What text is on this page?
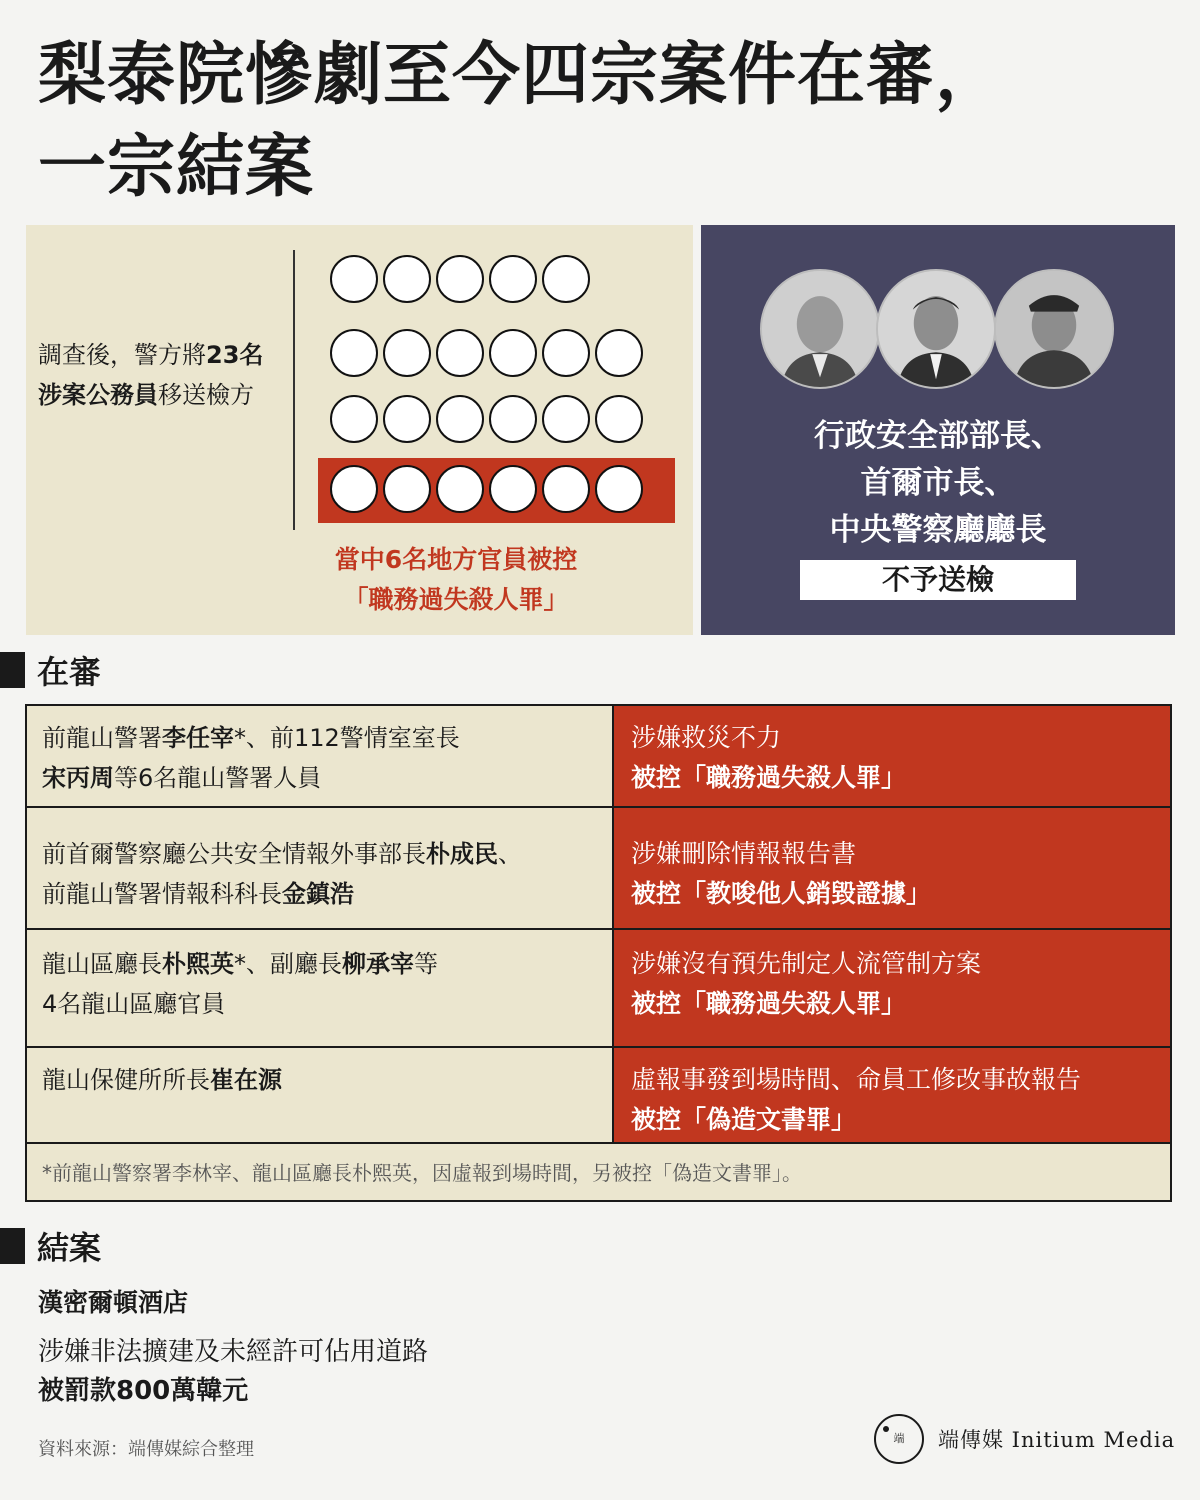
梨泰院慘劇至今四宗案件在審，
一宗結案
調查後，警方將23名涉案公務員移送檢方
當中6名地方官員被控
「職務過失殺人罪」
行政安全部部長、
首爾市長、
中央警察廳廳長
不予送檢
在審
前龍山警署李任宰*、前112警情室室長
宋丙周等6名龍山警署人員
涉嫌救災不力
被控「職務過失殺人罪」
前首爾警察廳公共安全情報外事部長朴成民、
前龍山警署情報科科長金鎮浩
涉嫌刪除情報報告書
被控「教唆他人銷毀證據」
龍山區廳長朴熙英*、副廳長柳承宰等
4名龍山區廳官員
涉嫌沒有預先制定人流管制方案
被控「職務過失殺人罪」
龍山保健所所長崔在源	虛報事發到場時間、命員工修改事故報告
被控「偽造文書罪」
*前龍山警察署李林宰、龍山區廳長朴熙英，因虛報到場時間，另被控「偽造文書罪」。
結案
漢密爾頓酒店
涉嫌非法擴建及未經許可佔用道路
被罰款800萬韓元
資料來源：端傳媒綜合整理
端 端傳媒 Initium Media
